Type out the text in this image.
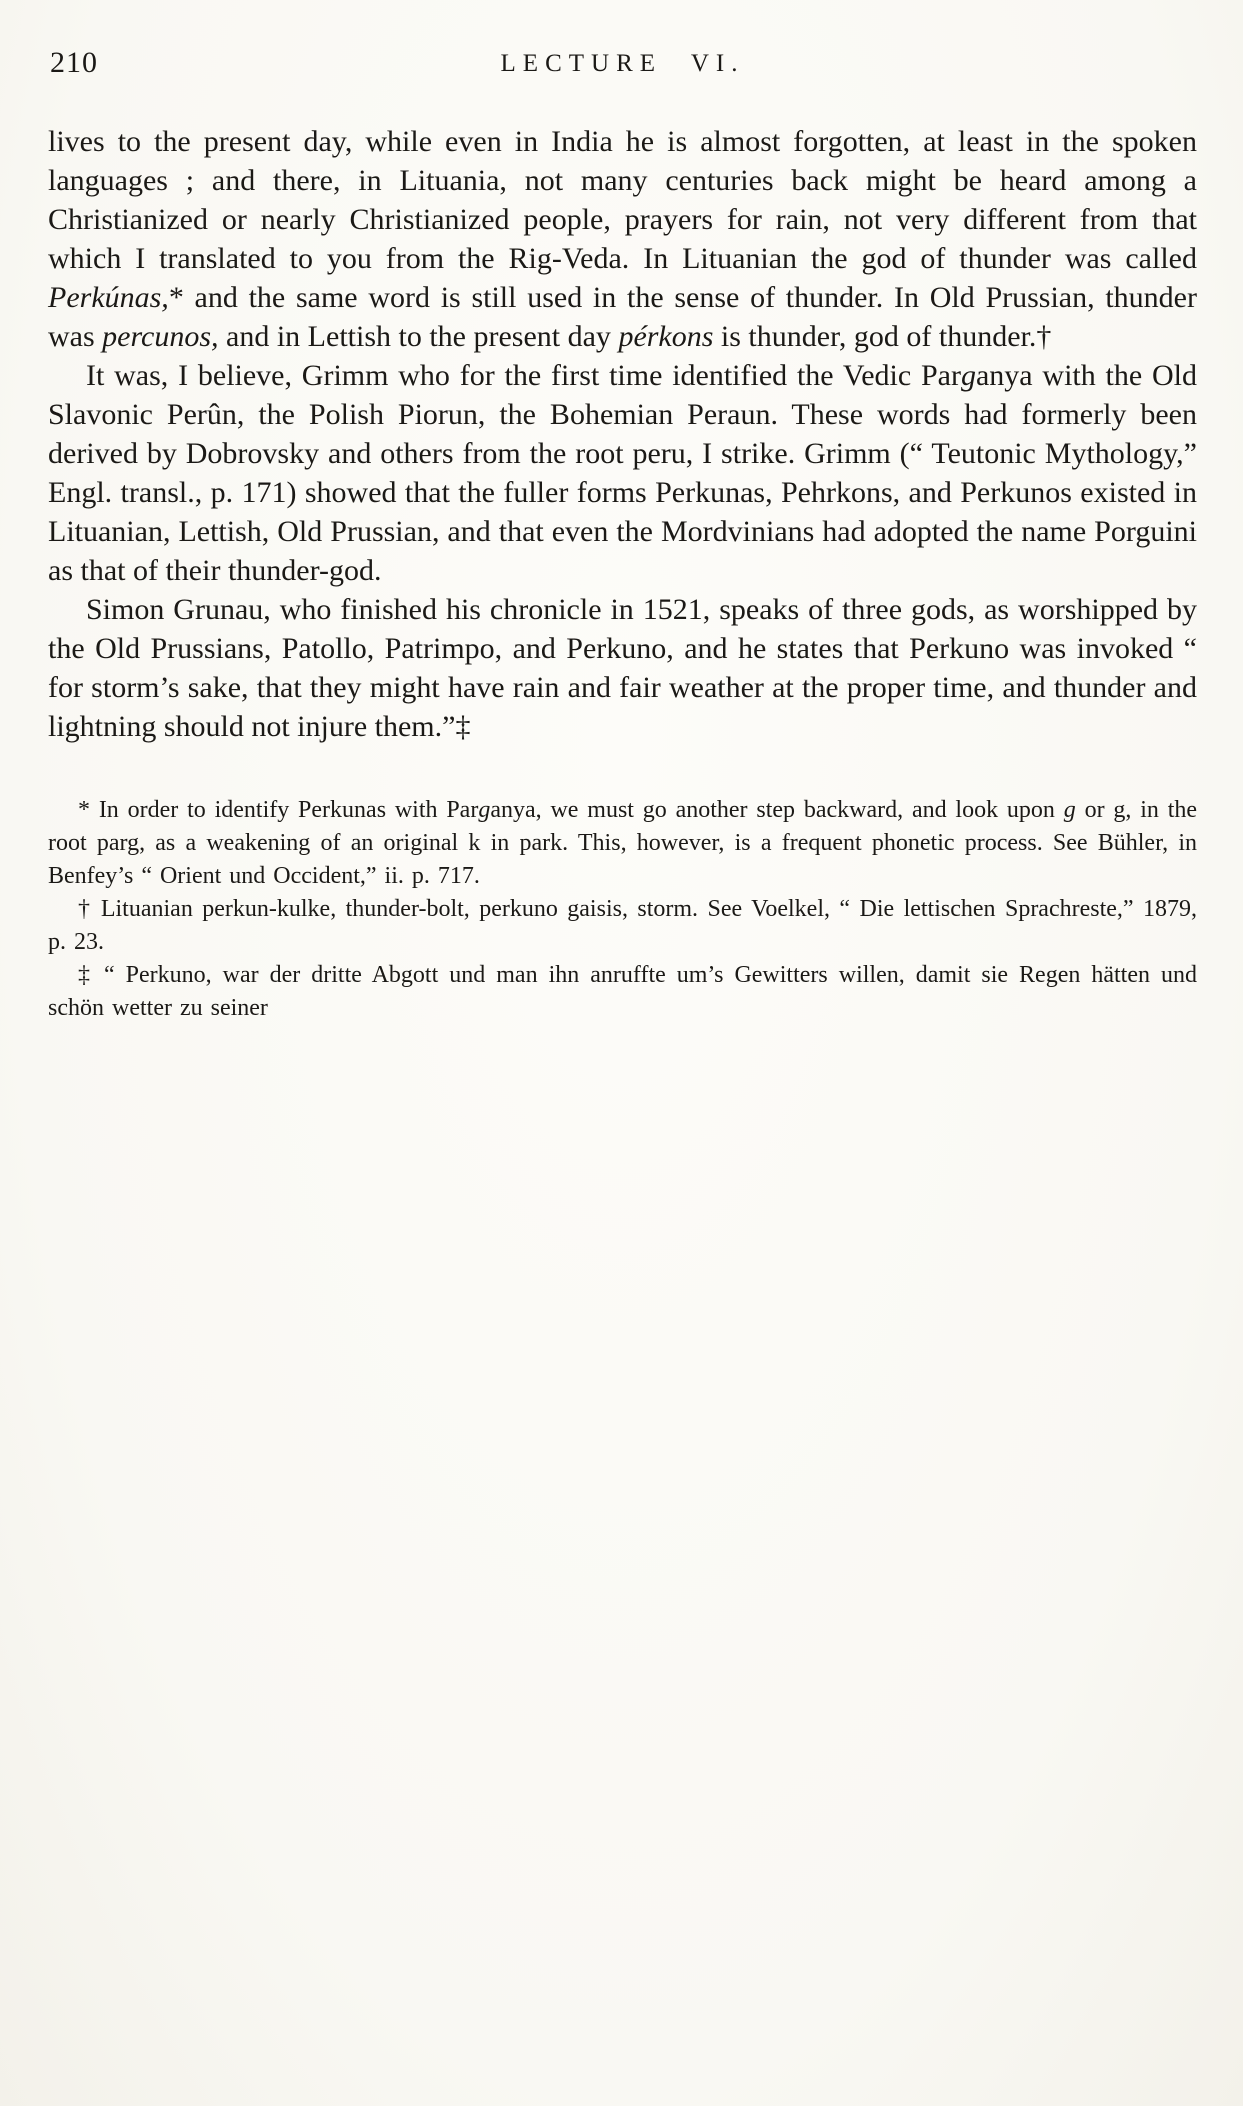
210	LECTURE VI.

lives to the present day, while even in India he is almost forgotten, at least in the spoken languages ; and there, in Lituania, not many centuries back might be heard among a Christianized or nearly Christianized people, prayers for rain, not very different from that which I translated to you from the Rig-Veda. In Lituanian the god of thunder was called Perkúnas,* and the same word is still used in the sense of thunder. In Old Prussian, thunder was percunos, and in Lettish to the present day pérkons is thunder, god of thunder.†

It was, I believe, Grimm who for the first time identified the Vedic Parganya with the Old Slavonic Perûn, the Polish Piorun, the Bohemian Peraun. These words had formerly been derived by Dobrovsky and others from the root peru, I strike. Grimm (“ Teutonic Mythology,” Engl. transl., p. 171) showed that the fuller forms Perkunas, Pehrkons, and Perkunos existed in Lituanian, Lettish, Old Prussian, and that even the Mordvinians had adopted the name Porguini as that of their thunder-god.

Simon Grunau, who finished his chronicle in 1521, speaks of three gods, as worshipped by the Old Prussians, Patollo, Patrimpo, and Perkuno, and he states that Perkuno was invoked “ for storm’s sake, that they might have rain and fair weather at the proper time, and thunder and lightning should not injure them.”‡

* In order to identify Perkunas with Parganya, we must go another step backward, and look upon g or g, in the root parg, as a weakening of an original k in park. This, however, is a frequent phonetic process. See Bühler, in Benfey’s “ Orient und Occident,” ii. p. 717.

† Lituanian perkun-kulke, thunder-bolt, perkuno gaisis, storm. See Voelkel, “ Die lettischen Sprachreste,” 1879, p. 23.

‡ “ Perkuno, war der dritte Abgott und man ihn anruffte um’s Gewitters willen, damit sie Regen hätten und schön wetter zu seiner
